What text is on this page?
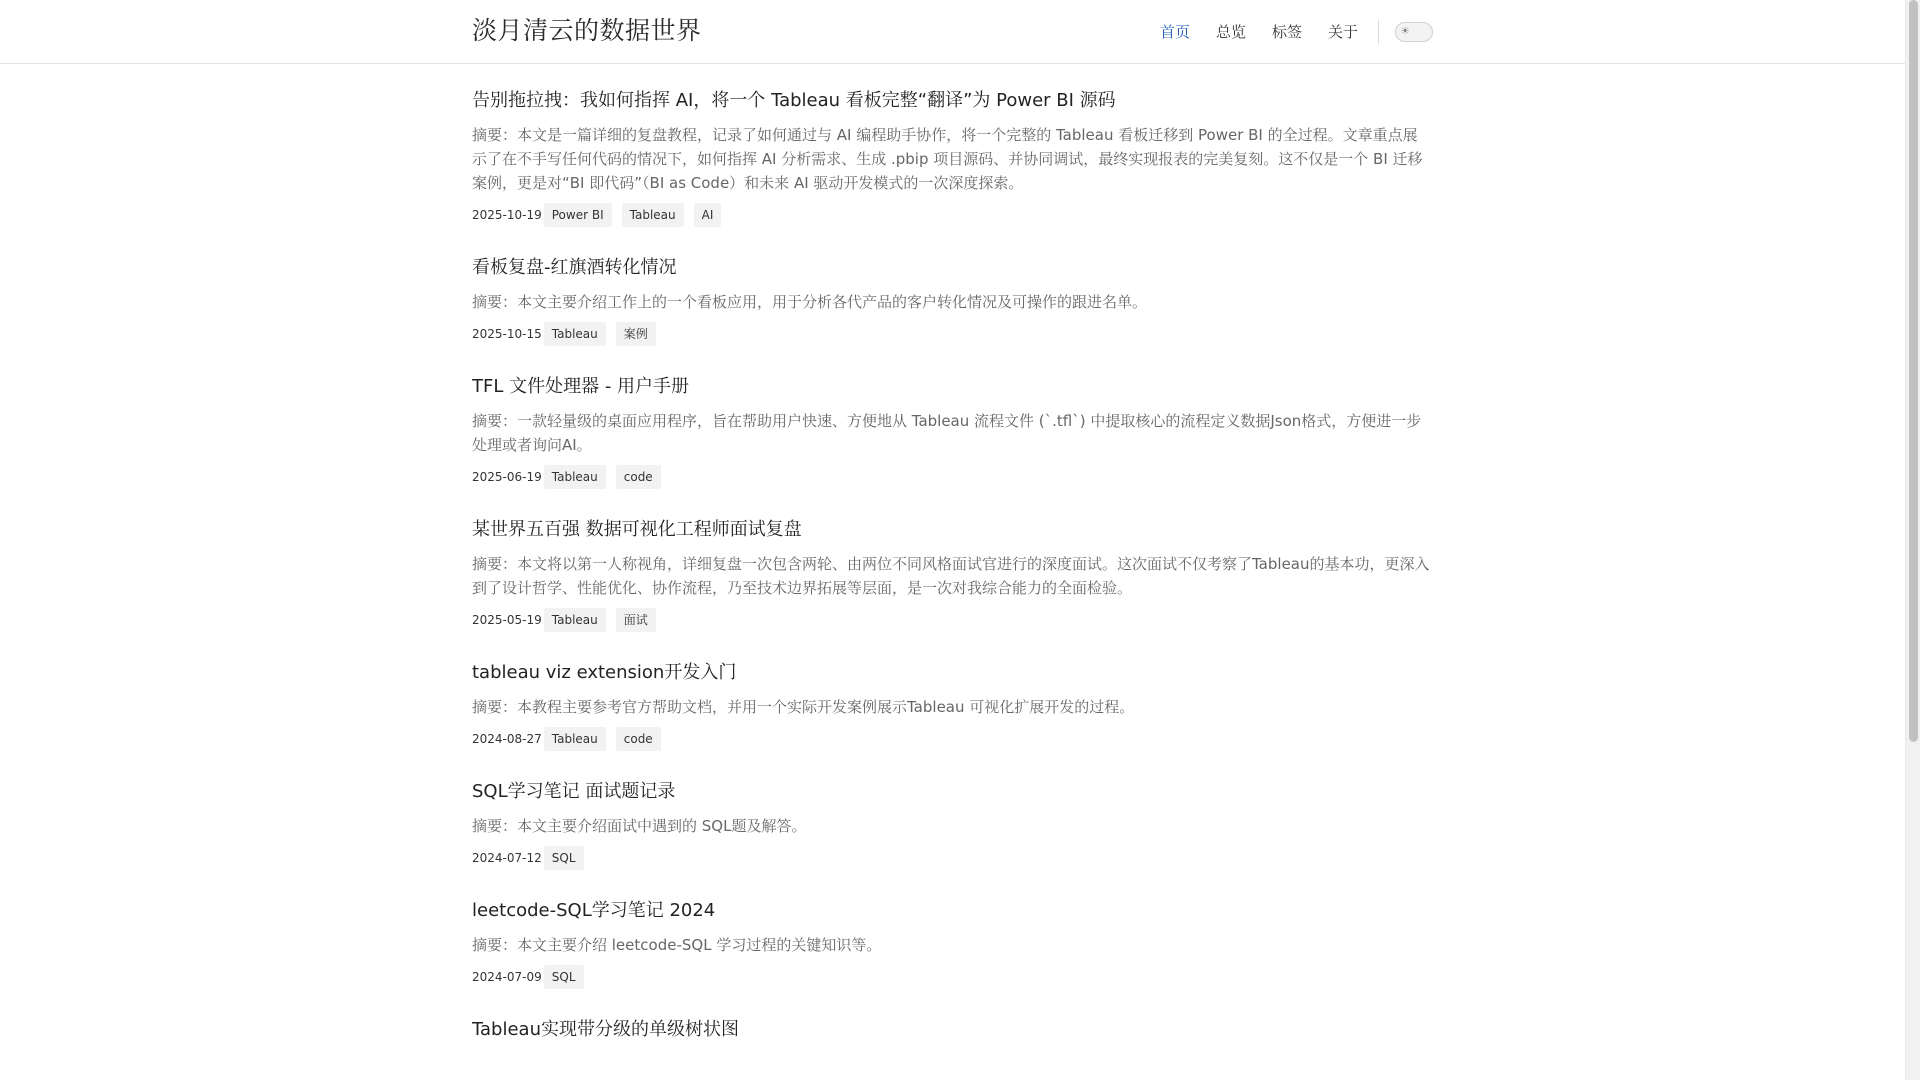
淡月清云的数据世界	首页 总览 标签 关于	☀
告别拖拉拽：我如何指挥 AI，将一个 Tableau 看板完整“翻译”为 Power BI 源码

摘要：本文是一篇详细的复盘教程，记录了如何通过与 AI 编程助手协作，将一个完整的 Tableau 看板迁移到 Power BI 的全过程。文章重点展示了在不手写任何代码的情况下，如何指挥 AI 分析需求、生成 .pbip 项目源码、并协同调试，最终实现报表的完美复刻。这不仅是一个 BI 迁移案例，更是对“BI 即代码”（BI as Code）和未来 AI 驱动开发模式的一次深度探索。

2025-10-19 Power BI	Tableau	AI
看板复盘-红旗酒转化情况

摘要：本文主要介绍工作上的一个看板应用，用于分析各代产品的客户转化情况及可操作的跟进名单。

2025-10-15 Tableau	案例
TFL 文件处理器 - 用户手册

摘要：一款轻量级的桌面应用程序，旨在帮助用户快速、方便地从 Tableau 流程文件 (`.tfl`) 中提取核心的流程定义数据Json格式，方便进一步处理或者询问AI。

2025-06-19 Tableau	code
某世界五百强 数据可视化工程师面试复盘

摘要：本文将以第一人称视角，详细复盘一次包含两轮、由两位不同风格面试官进行的深度面试。这次面试不仅考察了Tableau的基本功，更深入到了设计哲学、性能优化、协作流程，乃至技术边界拓展等层面，是一次对我综合能力的全面检验。

2025-05-19 Tableau	面试
tableau viz extension开发入门

摘要：本教程主要参考官方帮助文档，并用一个实际开发案例展示Tableau 可视化扩展开发的过程。

2024-08-27 Tableau	code
SQL学习笔记 面试题记录

摘要：本文主要介绍面试中遇到的 SQL题及解答。

2024-07-12 SQL
leetcode-SQL学习笔记 2024

摘要：本文主要介绍 leetcode-SQL 学习过程的关键知识等。

2024-07-09 SQL
Tableau实现带分级的单级树状图
